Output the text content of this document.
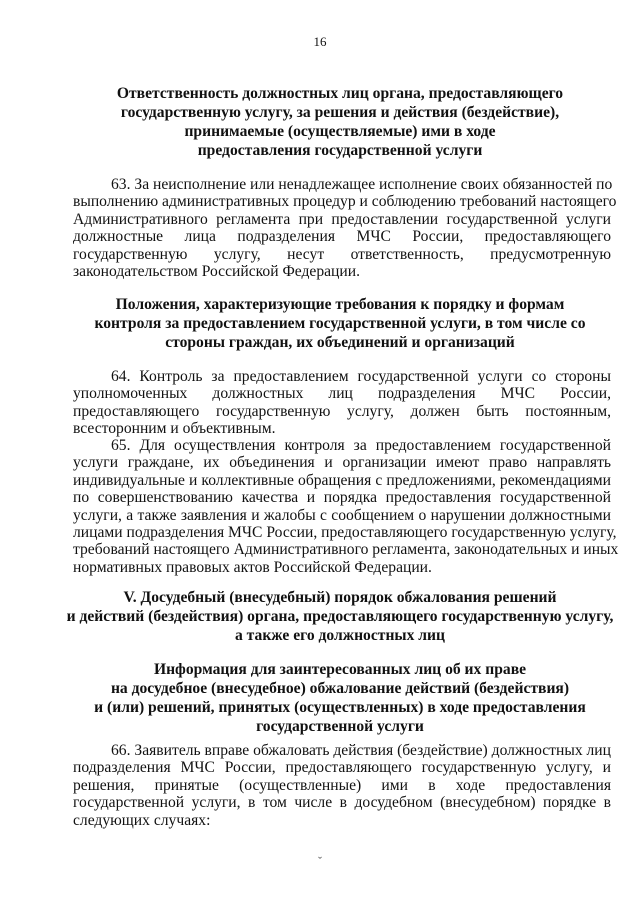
16
Ответственность должностных лиц органа, предоставляющего
государственную услугу, за решения и действия (бездействие),
принимаемые (осуществляемые) ими в ходе
предоставления государственной услуги
63. За неисполнение или ненадлежащее исполнение своих обязанностей по
выполнению административных процедур и соблюдению требований настоящего
Административного регламента при предоставлении государственной услуги
должностные лица подразделения МЧС России, предоставляющего
государственную услугу, несут ответственность, предусмотренную
законодательством Российской Федерации.
Положения, характеризующие требования к порядку и формам
контроля за предоставлением государственной услуги, в том числе со
стороны граждан, их объединений и организаций
64. Контроль за предоставлением государственной услуги со стороны
уполномоченных должностных лиц подразделения МЧС России,
предоставляющего государственную услугу, должен быть постоянным,
всесторонним и объективным.
65. Для осуществления контроля за предоставлением государственной
услуги граждане, их объединения и организации имеют право направлять
индивидуальные и коллективные обращения с предложениями, рекомендациями
по совершенствованию качества и порядка предоставления государственной
услуги, а также заявления и жалобы с сообщением о нарушении должностными
лицами подразделения МЧС России, предоставляющего государственную услугу,
требований настоящего Административного регламента, законодательных и иных
нормативных правовых актов Российской Федерации.
V. Досудебный (внесудебный) порядок обжалования решений
и действий (бездействия) органа, предоставляющего государственную услугу,
а также его должностных лиц
Информация для заинтересованных лиц об их праве
на досудебное (внесудебное) обжалование действий (бездействия)
и (или) решений, принятых (осуществленных) в ходе предоставления
государственной услуги
66. Заявитель вправе обжаловать действия (бездействие) должностных лиц
подразделения МЧС России, предоставляющего государственную услугу, и
решения, принятые (осуществленные) ими в ходе предоставления
государственной услуги, в том числе в досудебном (внесудебном) порядке в
следующих случаях:
ˇ
